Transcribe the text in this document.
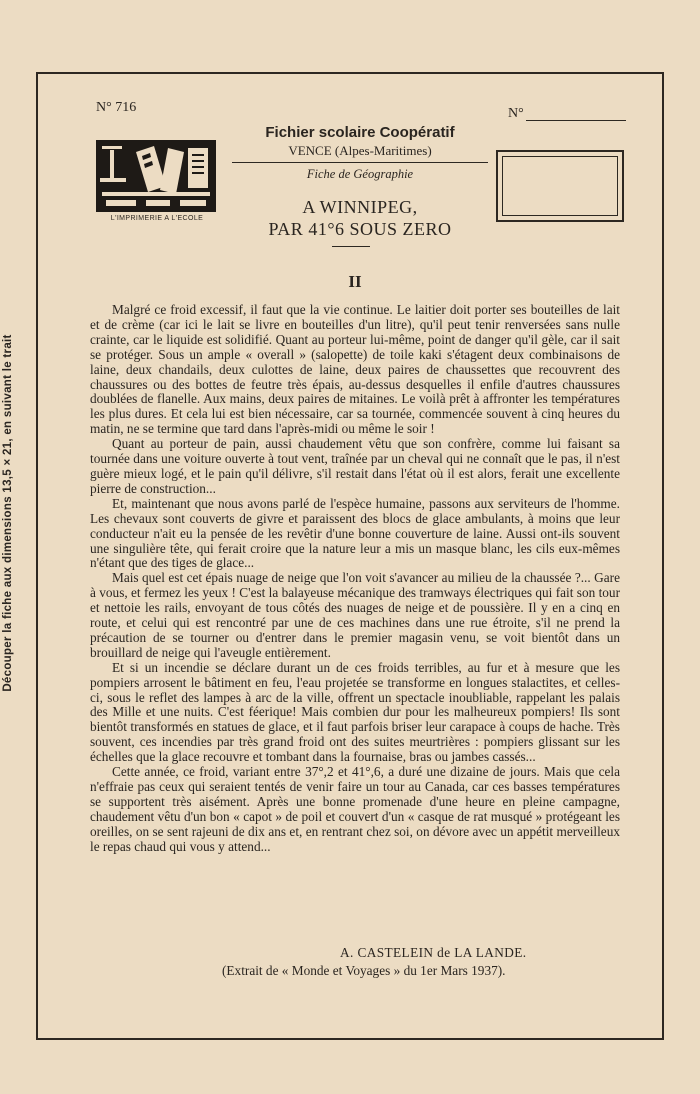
Découper la fiche aux dimensions 13,5 × 21, en suivant le trait
N° 716	N°
L'IMPRIMERIE A L'ECOLE
Fichier scolaire Coopératif
VENCE (Alpes-Maritimes)
Fiche de Géographie
A WINNIPEG,
PAR 41°6 SOUS ZERO
II

Malgré ce froid excessif, il faut que la vie continue. Le laitier doit porter ses bouteilles de lait et de crème (car ici le lait se livre en bouteilles d'un litre), qu'il peut tenir renversées sans nulle crainte, car le liquide est solidifié. Quant au porteur lui-même, point de danger qu'il gèle, car il sait se protéger. Sous un ample « overall » (salopette) de toile kaki s'étagent deux combinaisons de laine, deux chandails, deux culottes de laine, deux paires de chaussettes que recouvrent des chaussures ou des bottes de feutre très épais, au-dessus desquelles il enfile d'autres chaussures doublées de flanelle. Aux mains, deux paires de mitaines. Le voilà prêt à affronter les températures les plus dures. Et cela lui est bien nécessaire, car sa tournée, commencée souvent à cinq heures du matin, ne se termine que tard dans l'après-midi ou même le soir !

Quant au porteur de pain, aussi chaudement vêtu que son confrère, comme lui faisant sa tournée dans une voiture ouverte à tout vent, traînée par un cheval qui ne connaît que le pas, il n'est guère mieux logé, et le pain qu'il délivre, s'il restait dans l'état où il est alors, ferait une excellente pierre de construction...

Et, maintenant que nous avons parlé de l'espèce humaine, passons aux serviteurs de l'homme. Les chevaux sont couverts de givre et paraissent des blocs de glace ambulants, à moins que leur conducteur n'ait eu la pensée de les revêtir d'une bonne couverture de laine. Aussi ont-ils souvent une singulière tête, qui ferait croire que la nature leur a mis un masque blanc, les cils eux-mêmes n'étant que des tiges de glace...

Mais quel est cet épais nuage de neige que l'on voit s'avancer au milieu de la chaussée ?... Gare à vous, et fermez les yeux ! C'est la balayeuse mécanique des tramways électriques qui fait son tour et nettoie les rails, envoyant de tous côtés des nuages de neige et de poussière. Il y en a cinq en route, et celui qui est rencontré par une de ces machines dans une rue étroite, s'il ne prend la précaution de se tourner ou d'entrer dans le premier magasin venu, se voit bientôt dans un brouillard de neige qui l'aveugle entièrement.

Et si un incendie se déclare durant un de ces froids terribles, au fur et à mesure que les pompiers arrosent le bâtiment en feu, l'eau projetée se transforme en longues stalactites, et celles-ci, sous le reflet des lampes à arc de la ville, offrent un spectacle inoubliable, rappelant les palais des Mille et une nuits. C'est féerique! Mais combien dur pour les malheureux pompiers! Ils sont bientôt transformés en statues de glace, et il faut parfois briser leur carapace à coups de hache. Très souvent, ces incendies par très grand froid ont des suites meurtrières : pompiers glissant sur les échelles que la glace recouvre et tombant dans la fournaise, bras ou jambes cassés...

Cette année, ce froid, variant entre 37°,2 et 41°,6, a duré une dizaine de jours. Mais que cela n'effraie pas ceux qui seraient tentés de venir faire un tour au Canada, car ces basses températures se supportent très aisément. Après une bonne promenade d'une heure en pleine campagne, chaudement vêtu d'un bon « capot » de poil et couvert d'un « casque de rat musqué » protégeant les oreilles, on se sent rajeuni de dix ans et, en rentrant chez soi, on dévore avec un appétit merveilleux le repas chaud qui vous y attend...

A. CASTELEIN de LA LANDE.
(Extrait de « Monde et Voyages » du 1er Mars 1937).
